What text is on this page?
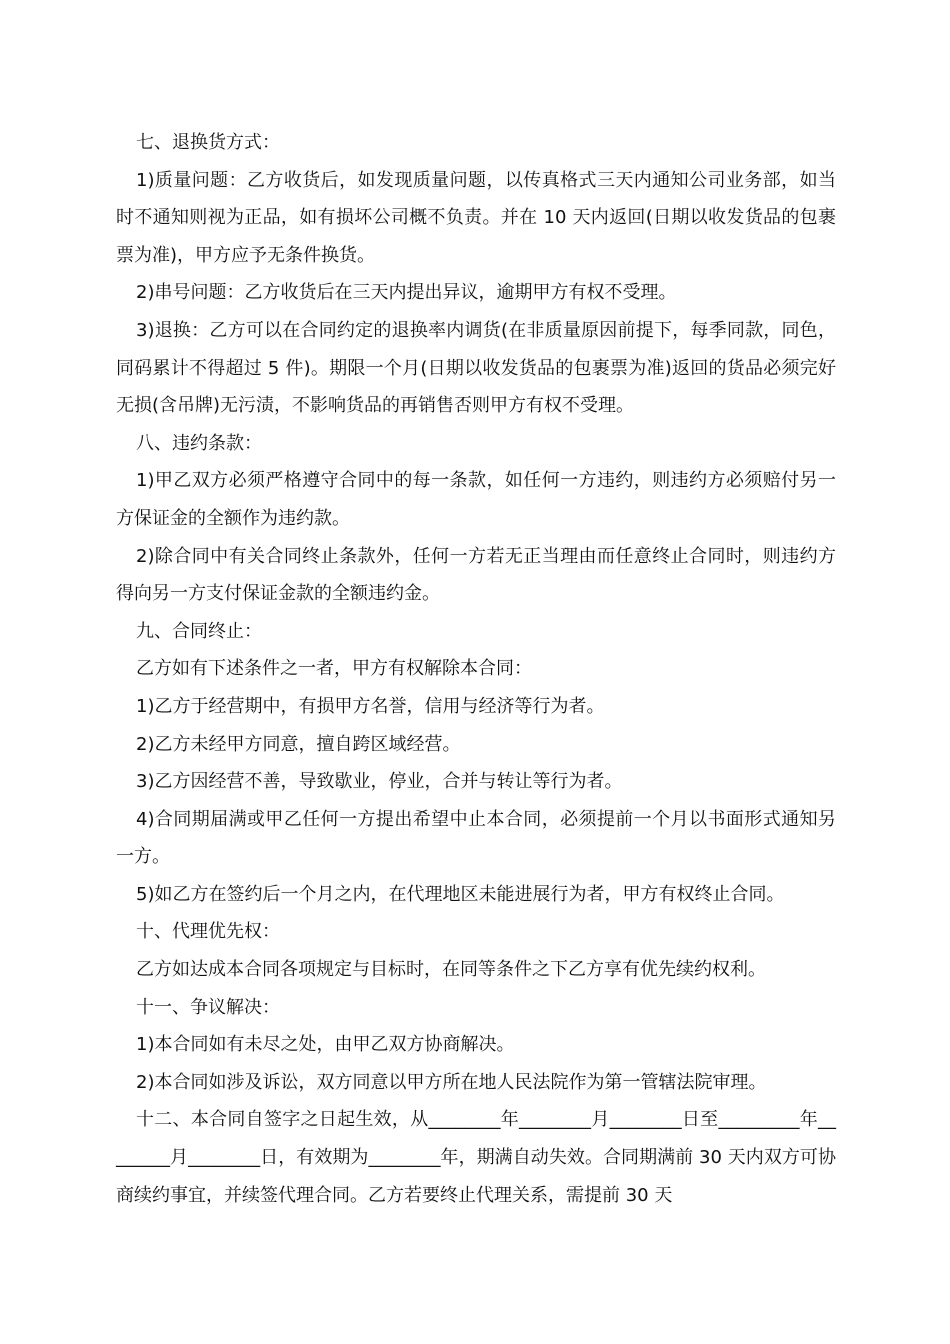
七、退换货方式：

1)质量问题：乙方收货后，如发现质量问题，以传真格式三天内通知公司业务部，如当时不通知则视为正品，如有损坏公司概不负责。并在 10 天内返回(日期以收发货品的包裹票为准)，甲方应予无条件换货。

2)串号问题：乙方收货后在三天内提出异议，逾期甲方有权不受理。

3)退换：乙方可以在合同约定的退换率内调货(在非质量原因前提下，每季同款，同色，同码累计不得超过 5 件)。期限一个月(日期以收发货品的包裹票为准)返回的货品必须完好无损(含吊牌)无污渍，不影响货品的再销售否则甲方有权不受理。

八、违约条款：

1)甲乙双方必须严格遵守合同中的每一条款，如任何一方违约，则违约方必须赔付另一方保证金的全额作为违约款。

2)除合同中有关合同终止条款外，任何一方若无正当理由而任意终止合同时，则违约方得向另一方支付保证金款的全额违约金。

九、合同终止：

乙方如有下述条件之一者，甲方有权解除本合同：

1)乙方于经营期中，有损甲方名誉，信用与经济等行为者。

2)乙方未经甲方同意，擅自跨区域经营。

3)乙方因经营不善，导致歇业，停业，合并与转让等行为者。

4)合同期届满或甲乙任何一方提出希望中止本合同，必须提前一个月以书面形式通知另一方。

5)如乙方在签约后一个月之内，在代理地区未能进展行为者，甲方有权终止合同。

十、代理优先权：

乙方如达成本合同各项规定与目标时，在同等条件之下乙方享有优先续约权利。

十一、争议解决：

1)本合同如有未尽之处，由甲乙双方协商解决。

2)本合同如涉及诉讼，双方同意以甲方所在地人民法院作为第一管辖法院审理。

十二、本合同自签字之日起生效，从________年________月________日至_________年________月________日，有效期为________年，期满自动失效。合同期满前 30 天内双方可协商续约事宜，并续签代理合同。乙方若要终止代理关系，需提前 30 天
